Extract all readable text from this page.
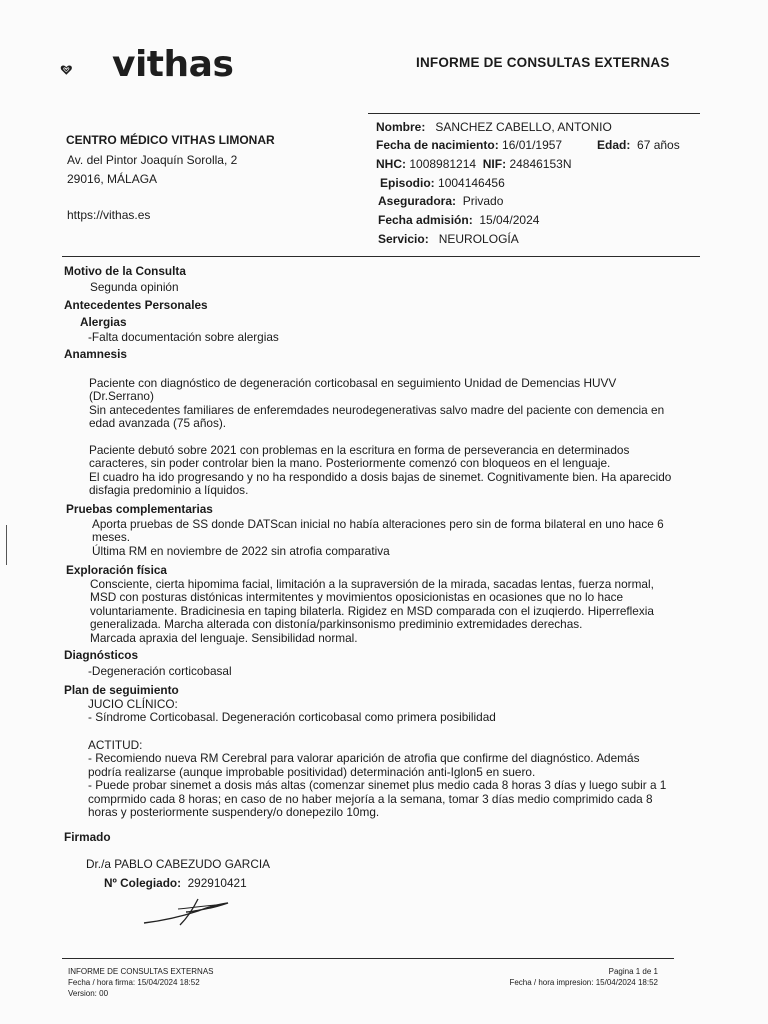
vithas	INFORME DE CONSULTAS EXTERNAS
CENTRO MÉDICO VITHAS LIMONAR
Av. del Pintor Joaquín Sorolla, 2
29016, MÁLAGA
https://vithas.es
Nombre: SANCHEZ CABELLO, ANTONIO
Fecha de nacimiento: 16/01/1957	Edad: 67 años
NHC: 1008981214 NIF: 24846153N
Episodio: 1004146456
Aseguradora: Privado
Fecha admisión: 15/04/2024
Servicio: NEUROLOGÍA
Motivo de la Consulta
Segunda opinión
Antecedentes Personales
Alergias
-Falta documentación sobre alergias
Anamnesis
Paciente con diagnóstico de degeneración corticobasal en seguimiento Unidad de Demencias HUVV
(Dr.Serrano)
Sin antecedentes familiares de enferemdades neurodegenerativas salvo madre del paciente con demencia en
edad avanzada (75 años).
Paciente debutó sobre 2021 con problemas en la escritura en forma de perseverancia en determinados
caracteres, sin poder controlar bien la mano. Posteriormente comenzó con bloqueos en el lenguaje.
El cuadro ha ido progresando y no ha respondido a dosis bajas de sinemet. Cognitivamente bien. Ha aparecido
disfagia predominio a líquidos.
Pruebas complementarias
Aporta pruebas de SS donde DATScan inicial no había alteraciones pero sin de forma bilateral en uno hace 6
meses.
Última RM en noviembre de 2022 sin atrofia comparativa
Exploración física
Consciente, cierta hipomima facial, limitación a la supraversión de la mirada, sacadas lentas, fuerza normal,
MSD con posturas distónicas intermitentes y movimientos oposicionistas en ocasiones que no lo hace
voluntariamente. Bradicinesia en taping bilaterla. Rigidez en MSD comparada con el izuqierdo. Hiperreflexia
generalizada. Marcha alterada con distonía/parkinsonismo prediminio extremidades derechas.
Marcada apraxia del lenguaje. Sensibilidad normal.
Diagnósticos
-Degeneración corticobasal
Plan de seguimiento
JUCIO CLÍNICO:
- Síndrome Corticobasal. Degeneración corticobasal como primera posibilidad
ACTITUD:
- Recomiendo nueva RM Cerebral para valorar aparición de atrofia que confirme del diagnóstico. Además
podría realizarse (aunque improbable positividad) determinación anti-Iglon5 en suero.
- Puede probar sinemet a dosis más altas (comenzar sinemet plus medio cada 8 horas 3 días y luego subir a 1
comprmido cada 8 horas; en caso de no haber mejoría a la semana, tomar 3 días medio comprimido cada 8
horas y posteriormente suspendery/o donepezilo 10mg.
Firmado
Dr./a PABLO CABEZUDO GARCIA
Nº Colegiado: 292910421
INFORME DE CONSULTAS EXTERNAS
Fecha / hora firma: 15/04/2024 18:52
Version: 00
Pagina 1 de 1
Fecha / hora impresion: 15/04/2024 18:52
